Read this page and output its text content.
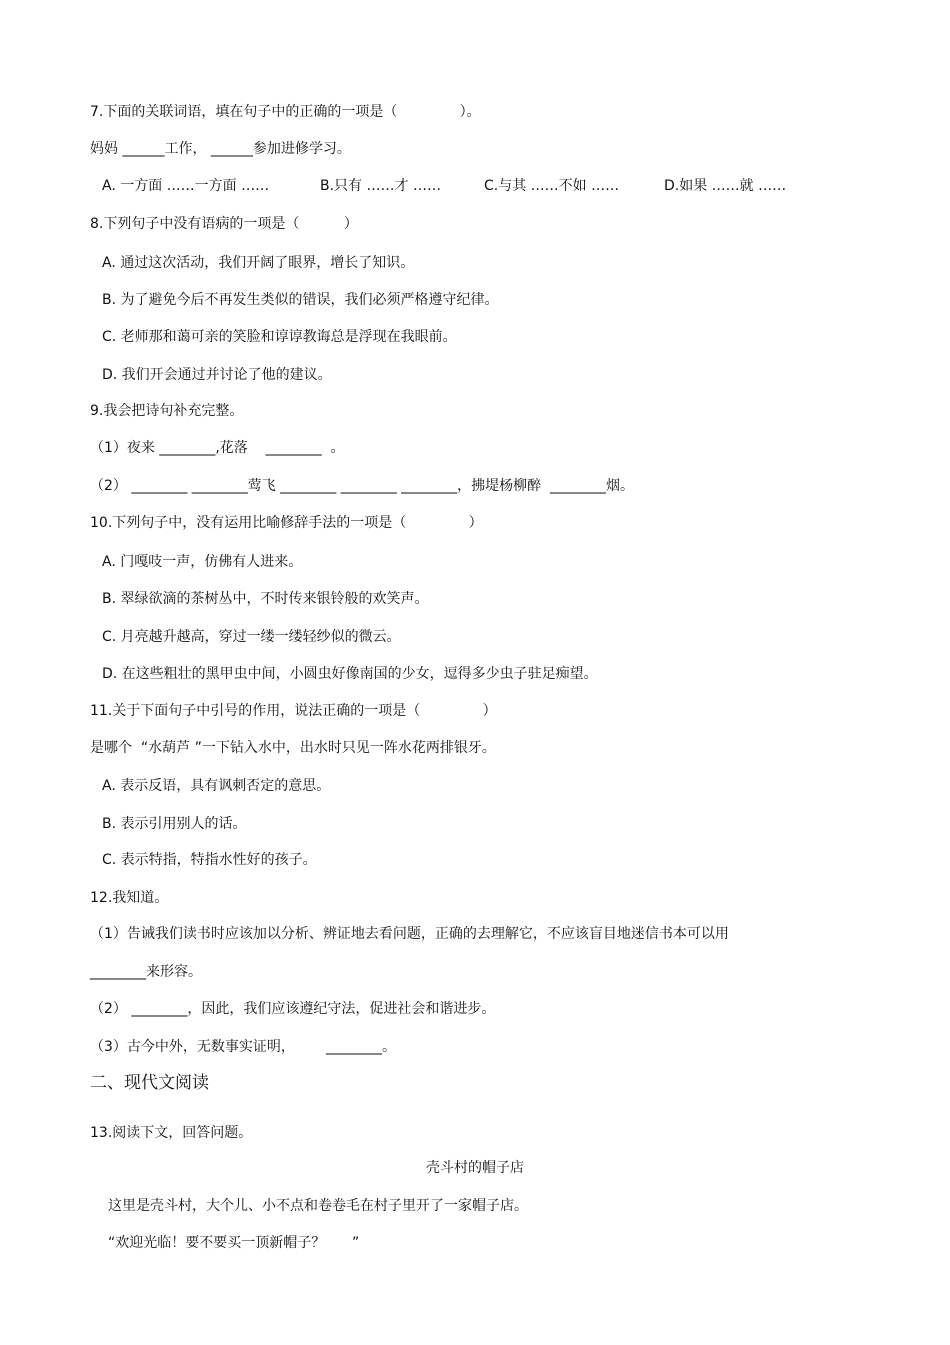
7.下面的关联词语，填在句子中的正确的一项是（              ）。
妈妈 ______工作， ______参加进修学习。

A. 一方面 ……一方面 ……

	B.只有 ……才 ……

	C.与其 ……不如 ……

	D.如果 ……就 ……

8.下列句子中没有语病的一项是（          ）
A. 通过这次活动，我们开阔了眼界，增长了知识。
B. 为了避免今后不再发生类似的错误，我们必须严格遵守纪律。
C. 老师那和蔼可亲的笑脸和谆谆教诲总是浮现在我眼前。
D. 我们开会通过并讨论了他的建议。
9.我会把诗句补充完整。
（1）夜来 ________,花落    ________  。
（2） ________ ________莺飞 ________ ________ ________，拂堤杨柳醉  ________烟。
10.下列句子中，没有运用比喻修辞手法的一项是（              ）
A. 门嘎吱一声，仿佛有人进来。
B. 翠绿欲滴的茶树丛中，不时传来银铃般的欢笑声。
C. 月亮越升越高，穿过一缕一缕轻纱似的微云。
D. 在这些粗壮的黑甲虫中间，小圆虫好像南国的少女，逗得多少虫子驻足痴望。
11.关于下面句子中引号的作用，说法正确的一项是（              ）
是哪个  “水葫芦 ”一下钻入水中，出水时只见一阵水花两排银牙。
A. 表示反语，具有讽刺否定的意思。
B. 表示引用别人的话。
C. 表示特指，特指水性好的孩子。
12.我知道。
（1）告诫我们读书时应该加以分析、辨证地去看问题，正确的去理解它，不应该盲目地迷信书本可以用
________来形容。
（2） ________，因此，我们应该遵纪守法，促进社会和谐进步。
（3）古今中外，无数事实证明，       ________。
二、现代文阅读
13.阅读下文，回答问题。
壳斗村的帽子店
这里是壳斗村，大个儿、小不点和卷卷毛在村子里开了一家帽子店。
“欢迎光临！要不要买一顶新帽子？      ”
